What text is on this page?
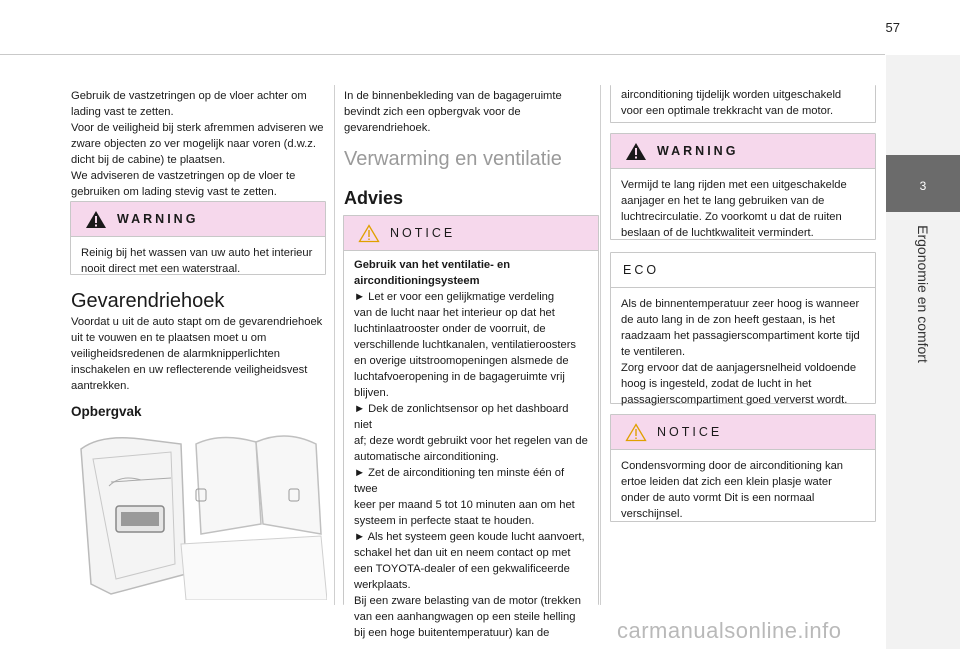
57
3
Ergonomie en comfort

Gebruik de vastzetringen op de vloer achter om
lading vast te zetten.
Voor de veiligheid bij sterk afremmen adviseren we
zware objecten zo ver mogelijk naar voren (d.w.z.
dicht bij de cabine) te plaatsen.
We adviseren de vastzetringen op de vloer te
gebruiken om lading stevig vast te zetten.

WARNING

Reinig bij het wassen van uw auto het interieur
nooit direct met een waterstraal.

Gevarendriehoek

Voordat u uit de auto stapt om de gevarendriehoek
uit te vouwen en te plaatsen moet u om
veiligheidsredenen de alarmknipperlichten
inschakelen en uw reflecterende veiligheidsvest
aantrekken.

Opbergvak

In de binnenbekleding van de bagageruimte
bevindt zich een opbergvak voor de
gevarendriehoek.

Verwarming en ventilatie
Advies
NOTICE

Gebruik van het ventilatie- en
airconditioningsysteem

► Let er voor een gelijkmatige verdeling
van de lucht naar het interieur op dat het
luchtinlaatrooster onder de voorruit, de
verschillende luchtkanalen, ventilatieroosters
en overige uitstroomopeningen alsmede de
luchtafvoeropening in de bagageruimte vrij
blijven.
► Dek de zonlichtsensor op het dashboard niet
af; deze wordt gebruikt voor het regelen van de
automatische airconditioning.
► Zet de airconditioning ten minste één of twee
keer per maand 5 tot 10 minuten aan om het
systeem in perfecte staat te houden.
► Als het systeem geen koude lucht aanvoert,
schakel het dan uit en neem contact op met
een TOYOTA-dealer of een gekwalificeerde
werkplaats.
Bij een zware belasting van de motor (trekken
van een aanhangwagen op een steile helling
bij een hoge buitentemperatuur) kan de

airconditioning tijdelijk worden uitgeschakeld
voor een optimale trekkracht van de motor.

WARNING

Vermijd te lang rijden met een uitgeschakelde
aanjager en het te lang gebruiken van de
luchtrecirculatie. Zo voorkomt u dat de ruiten
beslaan of de luchtkwaliteit vermindert.

ECO

Als de binnentemperatuur zeer hoog is wanneer
de auto lang in de zon heeft gestaan, is het
raadzaam het passagierscompartiment korte tijd
te ventileren.
Zorg ervoor dat de aanjagersnelheid voldoende
hoog is ingesteld, zodat de lucht in het
passagierscompartiment goed ververst wordt.

NOTICE

Condensvorming door de airconditioning kan
ertoe leiden dat zich een klein plasje water
onder de auto vormt Dit is een normaal
verschijnsel.

carmanualsonline.info
